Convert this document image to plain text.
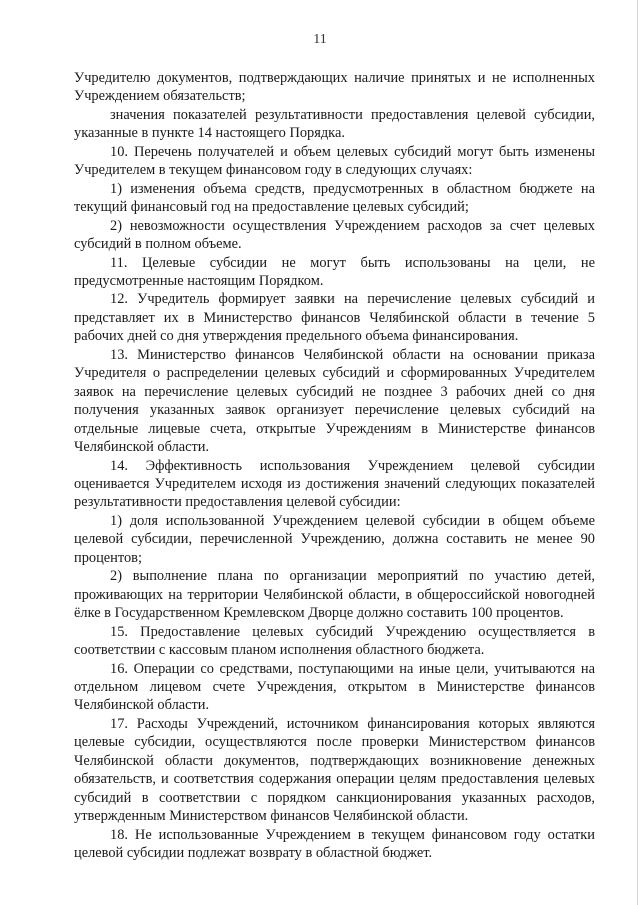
11

Учредителю документов, подтверждающих наличие принятых и не исполненных Учреждением обязательств;

значения показателей результативности предоставления целевой субсидии, указанные в пункте 14 настоящего Порядка.

10. Перечень получателей и объем целевых субсидий могут быть изменены Учредителем в текущем финансовом году в следующих случаях:

1) изменения объема средств, предусмотренных в областном бюджете на текущий финансовый год на предоставление целевых субсидий;

2) невозможности осуществления Учреждением расходов за счет целевых субсидий в полном объеме.

11. Целевые субсидии не могут быть использованы на цели, не предусмотренные настоящим Порядком.

12. Учредитель формирует заявки на перечисление целевых субсидий и представляет их в Министерство финансов Челябинской области в течение 5 рабочих дней со дня утверждения предельного объема финансирования.

13. Министерство финансов Челябинской области на основании приказа Учредителя о распределении целевых субсидий и сформированных Учредителем заявок на перечисление целевых субсидий не позднее 3 рабочих дней со дня получения указанных заявок организует перечисление целевых субсидий на отдельные лицевые счета, открытые Учреждениям в Министерстве финансов Челябинской области.

14. Эффективность использования Учреждением целевой субсидии оценивается Учредителем исходя из достижения значений следующих показателей результативности предоставления целевой субсидии:

1) доля использованной Учреждением целевой субсидии в общем объеме целевой субсидии, перечисленной Учреждению, должна составить не менее 90 процентов;

2) выполнение плана по организации мероприятий по участию детей, проживающих на территории Челябинской области, в общероссийской новогодней ёлке в Государственном Кремлевском Дворце должно составить 100 процентов.

15. Предоставление целевых субсидий Учреждению осуществляется в соответствии с кассовым планом исполнения областного бюджета.

16. Операции со средствами, поступающими на иные цели, учитываются на отдельном лицевом счете Учреждения, открытом в Министерстве финансов Челябинской области.

17. Расходы Учреждений, источником финансирования которых являются целевые субсидии, осуществляются после проверки Министерством финансов Челябинской области документов, подтверждающих возникновение денежных обязательств, и соответствия содержания операции целям предоставления целевых субсидий в соответствии с порядком санкционирования указанных расходов, утвержденным Министерством финансов Челябинской области.

18. Не использованные Учреждением в текущем финансовом году остатки целевой субсидии подлежат возврату в областной бюджет.
